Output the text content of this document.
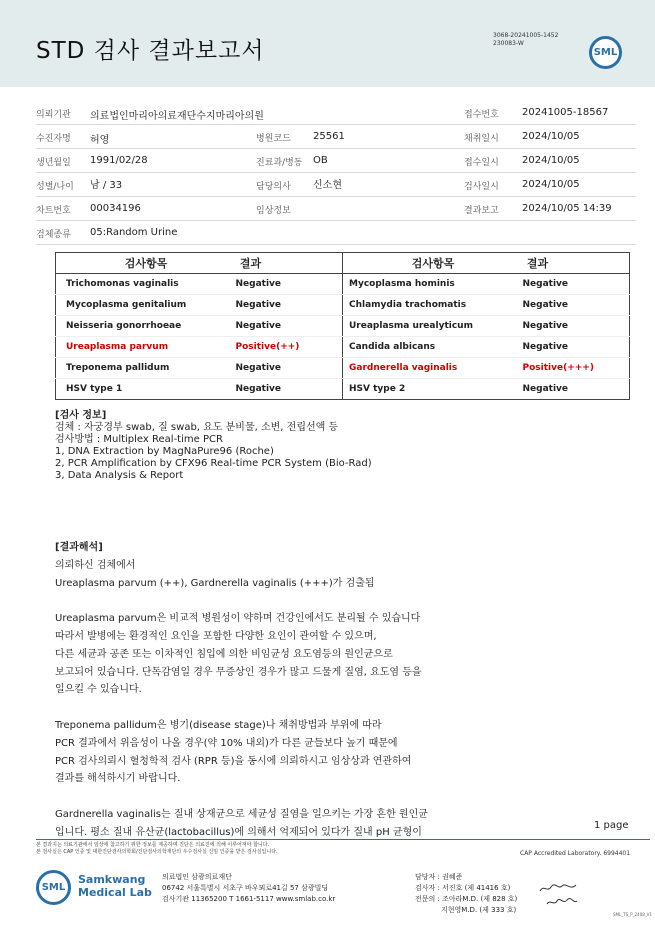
STD 검사 결과보고서
3068-20241005-1452
230083-W
SML
의뢰기관 의료법인마리아의료재단수지마리아의원	접수번호 20241005-18567
수진자명 허영	병원코드 25561	채취일시 2024/10/05
생년월일 1991/02/28	진료과/병동 OB	접수일시 2024/10/05
성별/나이 남 / 33	담당의사 신소현	검사일시 2024/10/05
차트번호 00034196	임상정보	결과보고 2024/10/05 14:39
검체종류 05:Random Urine
검사항목 결과		검사항목 결과	
Trichomonas vaginalis	Negative	Mycoplasma hominis	Negative
Mycoplasma genitalium	Negative	Chlamydia trachomatis	Negative
Neisseria gonorrhoeae	Negative	Ureaplasma urealyticum	Negative
Ureaplasma parvum	Positive(++)	Candida albicans	Negative
Treponema pallidum	Negative	Gardnerella vaginalis	Positive(+++)
HSV type 1	Negative	HSV type 2	Negative
[검사 정보]
검체 : 자궁경부 swab, 질 swab, 요도 분비물, 소변, 전립선액 등
검사방법 : Multiplex Real-time PCR
1, DNA Extraction by MagNaPure96 (Roche)
2, PCR Amplification by CFX96 Real-time PCR System (Bio-Rad)
3, Data Analysis & Report
[결과해석]
의뢰하신 검체에서
Ureaplasma parvum (++), Gardnerella vaginalis (+++)가 검출됨
Ureaplasma parvum은 비교적 병원성이 약하며 건강인에서도 분리될 수 있습니다
따라서 발병에는 환경적인 요인을 포함한 다양한 요인이 관여할 수 있으며,
다른 세균과 공존 또는 이차적인 침입에 의한 비임균성 요도염등의 원인균으로
보고되어 있습니다. 단독감염일 경우 무증상인 경우가 많고 드물게 질염, 요도염 등을
일으킬 수 있습니다.
Treponema pallidum은 병기(disease stage)나 채취방법과 부위에 따라
PCR 결과에서 위음성이 나올 경우(약 10% 내외)가 다른 균들보다 높기 때문에
PCR 검사의뢰시 혈청학적 검사 (RPR 등)을 동시에 의뢰하시고 임상상과 연관하여
결과를 해석하시기 바랍니다.
Gardnerella vaginalis는 질내 상재균으로 세균성 질염을 일으키는 가장 흔한 원인균
입니다. 평소 질내 유산균(lactobacillus)에 의해서 억제되어 있다가 질내 pH 균형이
1 page
본 결과지는 의료기관에서 임상에 참고하기 위한 정보를 제공하며 진단은 의료진에 의해 이루어져야 합니다.
본 검사실은 CAP 인증 및 대한진단검사의학회/진단검사의학재단의 우수검사실 신임 인증을 받은 검사실입니다.	CAP Accredited Laboratory. 6994401
SML
Samkwang
Medical Lab
의료법인 삼광의료재단
06742 서울특별시 서초구 바우뫼로41길 57 삼광빌딩
검사기관 11365200 T 1661-5117 www.smlab.co.kr
담당자 : 권혜준
검사자 : 서진호 (제 41416 호)
전문의 : 조아라M.D. (제 828 호)
지현영M.D. (제 333 호)
SML_TS_P_2408_V1
